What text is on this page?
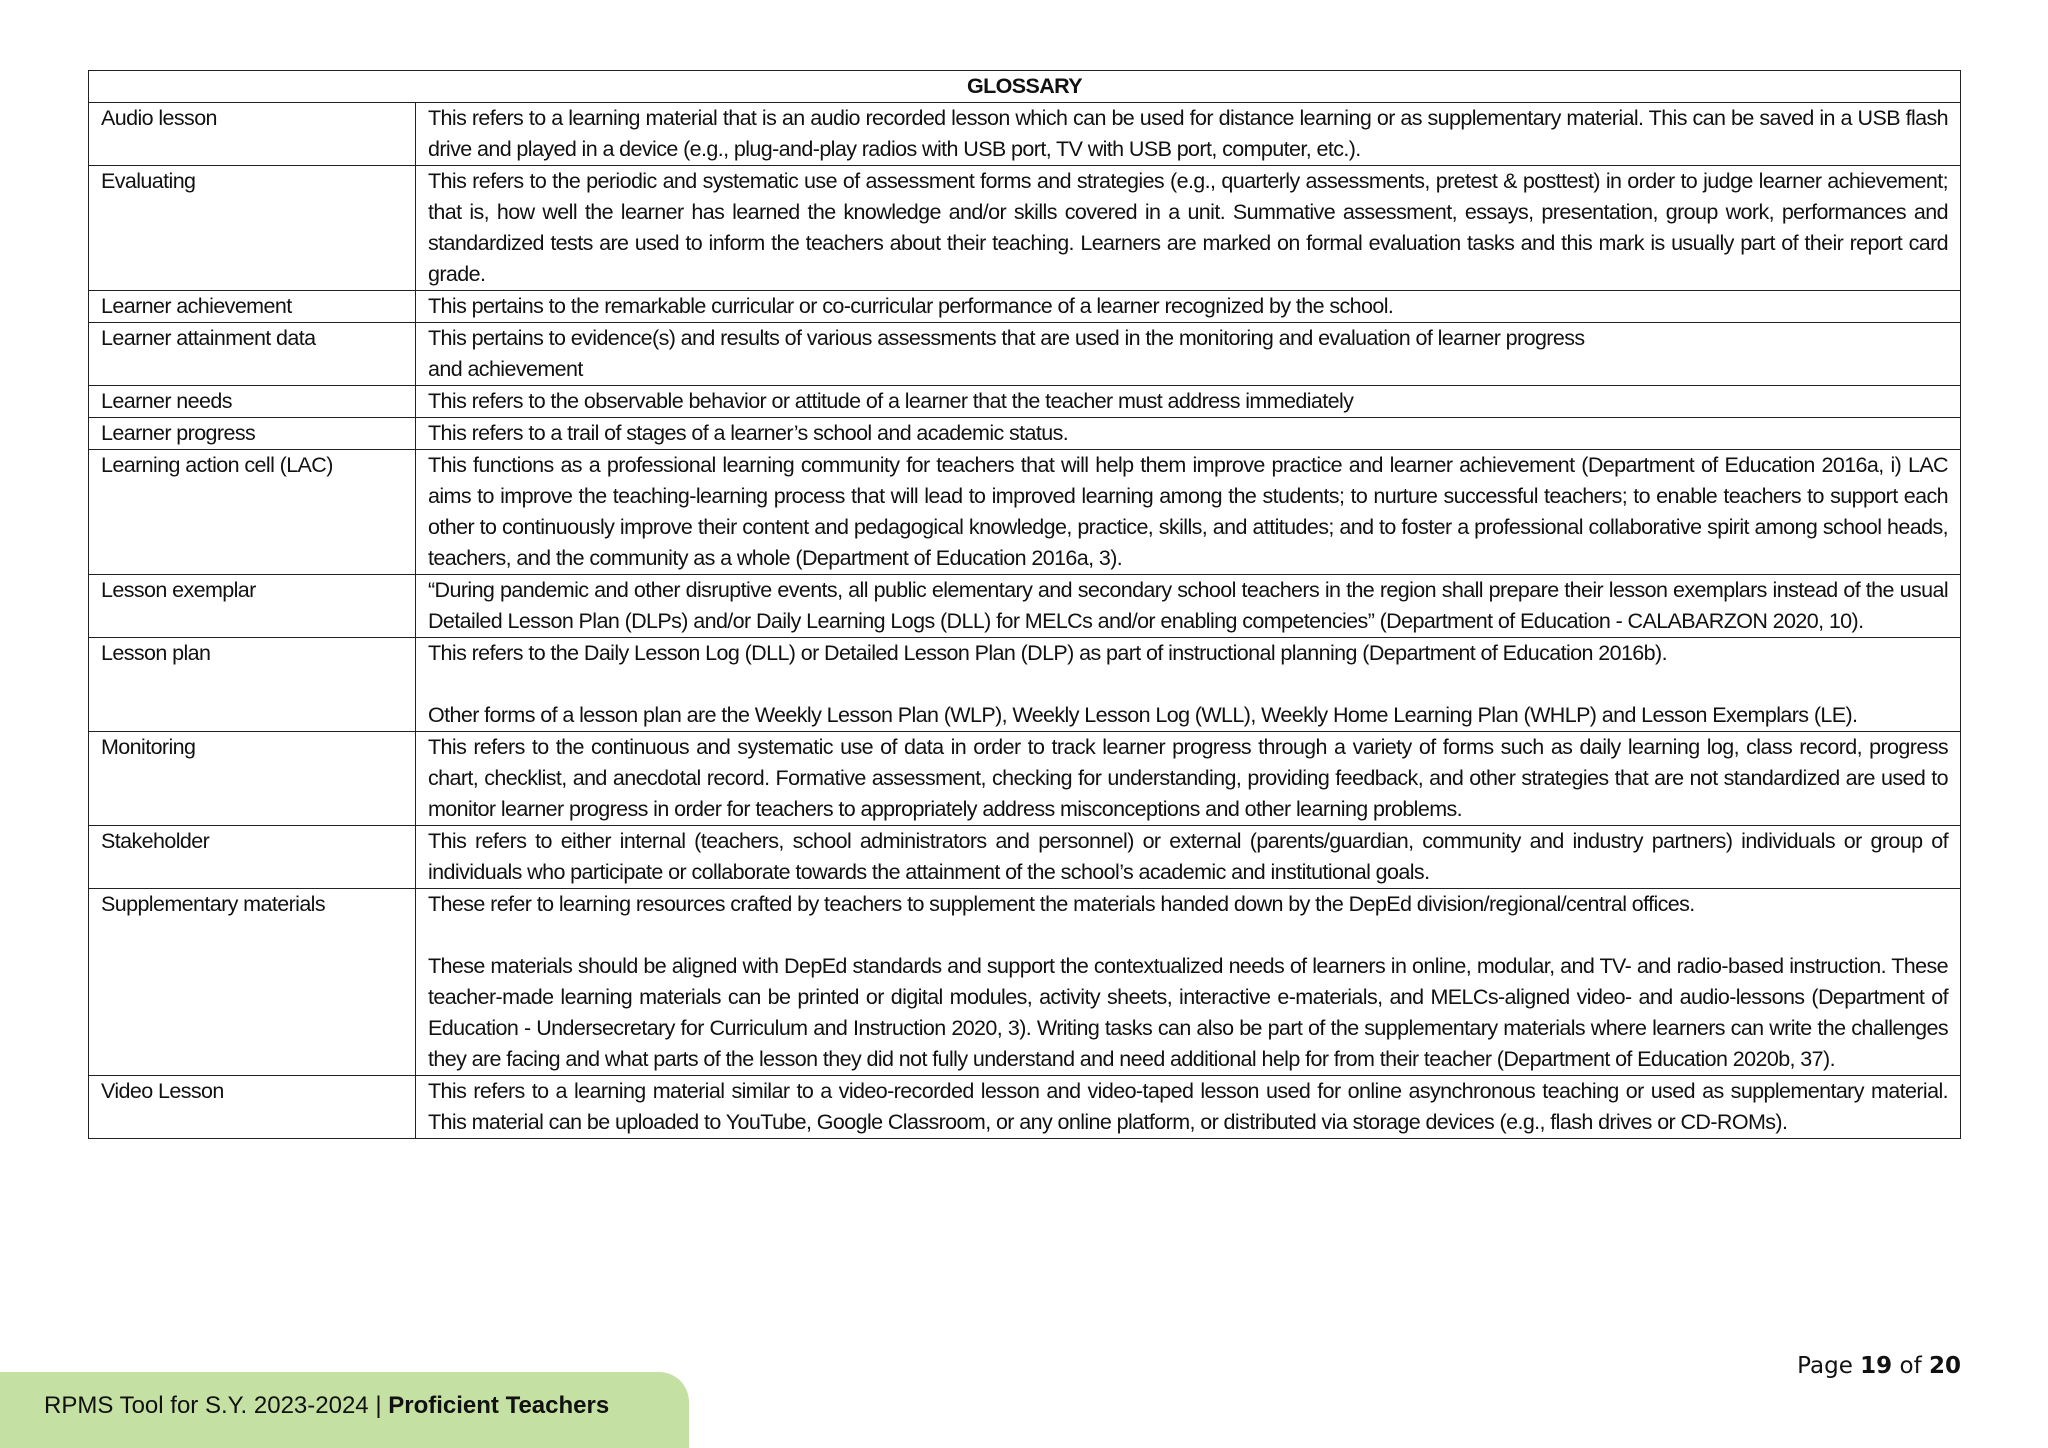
GLOSSARY	
Audio lesson	This refers to a learning material that is an audio recorded lesson which can be used for distance learning or as supplementary material. This can be saved in a USB flash drive and played in a device (e.g., plug-and-play radios with USB port, TV with USB port, computer, etc.).

Evaluating	This refers to the periodic and systematic use of assessment forms and strategies (e.g., quarterly assessments, pretest & posttest) in order to judge learner achievement; that is, how well the learner has learned the knowledge and/or skills covered in a unit. Summative assessment, essays, presentation, group work, performances and standardized tests are used to inform the teachers about their teaching. Learners are marked on formal evaluation tasks and this mark is usually part of their report card grade.

Learner achievement	This pertains to the remarkable curricular or co-curricular performance of a learner recognized by the school.

Learner attainment data	This pertains to evidence(s) and results of various assessments that are used in the monitoring and evaluation of learner progress

and achievement

Learner needs	This refers to the observable behavior or attitude of a learner that the teacher must address immediately

Learner progress	This refers to a trail of stages of a learner’s school and academic status.

Learning action cell (LAC)	This functions as a professional learning community for teachers that will help them improve practice and learner achievement (Department of Education 2016a, i) LAC aims to improve the teaching-learning process that will lead to improved learning among the students; to nurture successful teachers; to enable teachers to support each other to continuously improve their content and pedagogical knowledge, practice, skills, and attitudes; and to foster a professional collaborative spirit among school heads, teachers, and the community as a whole (Department of Education 2016a, 3).

Lesson exemplar	“During pandemic and other disruptive events, all public elementary and secondary school teachers in the region shall prepare their lesson exemplars instead of the usual Detailed Lesson Plan (DLPs) and/or Daily Learning Logs (DLL) for MELCs and/or enabling competencies” (Department of Education - CALABARZON 2020, 10).

Lesson plan	This refers to the Daily Lesson Log (DLL) or Detailed Lesson Plan (DLP) as part of instructional planning (Department of Education 2016b).

Other forms of a lesson plan are the Weekly Lesson Plan (WLP), Weekly Lesson Log (WLL), Weekly Home Learning Plan (WHLP) and Lesson Exemplars (LE).

Monitoring	This refers to the continuous and systematic use of data in order to track learner progress through a variety of forms such as daily learning log, class record, progress chart, checklist, and anecdotal record. Formative assessment, checking for understanding, providing feedback, and other strategies that are not standardized are used to monitor learner progress in order for teachers to appropriately address misconceptions and other learning problems.

Stakeholder	This refers to either internal (teachers, school administrators and personnel) or external (parents/guardian, community and industry partners) individuals or group of individuals who participate or collaborate towards the attainment of the school’s academic and institutional goals.

Supplementary materials	These refer to learning resources crafted by teachers to supplement the materials handed down by the DepEd division/regional/central offices.

These materials should be aligned with DepEd standards and support the contextualized needs of learners in online, modular, and TV- and radio-based instruction. These teacher-made learning materials can be printed or digital modules, activity sheets, interactive e-materials, and MELCs-aligned video- and audio-lessons (Department of Education - Undersecretary for Curriculum and Instruction 2020, 3). Writing tasks can also be part of the supplementary materials where learners can write the challenges they are facing and what parts of the lesson they did not fully understand and need additional help for from their teacher (Department of Education 2020b, 37).

Video Lesson	This refers to a learning material similar to a video-recorded lesson and video-taped lesson used for online asynchronous teaching or used as supplementary material. This material can be uploaded to YouTube, Google Classroom, or any online platform, or distributed via storage devices (e.g., flash drives or CD-ROMs).

Page 19 of 20
RPMS Tool for S.Y. 2023-2024 | Proficient Teachers
